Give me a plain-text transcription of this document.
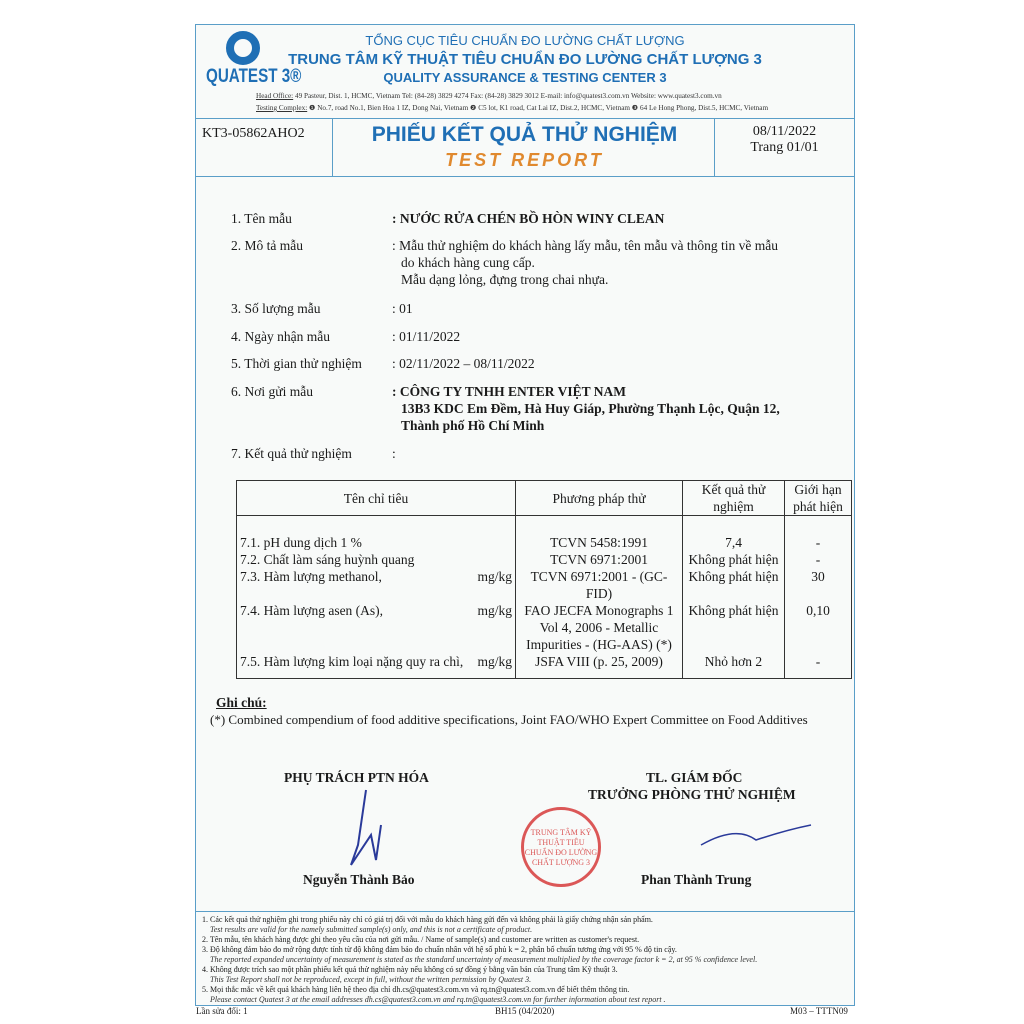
QUATEST 3®
TỔNG CỤC TIÊU CHUẨN ĐO LƯỜNG CHẤT LƯỢNG
TRUNG TÂM KỸ THUẬT TIÊU CHUẨN ĐO LƯỜNG CHẤT LƯỢNG 3
QUALITY ASSURANCE & TESTING CENTER 3
Head Office: 49 Pasteur, Dist. 1, HCMC, Vietnam Tel: (84-28) 3829 4274 Fax: (84-28) 3829 3012 E-mail: info@quatest3.com.vn Website: www.quatest3.com.vn
Testing Complex: ❶ No.7, road No.1, Bien Hoa 1 IZ, Dong Nai, Vietnam ❷ C5 lot, K1 road, Cat Lai IZ, Dist.2, HCMC, Vietnam ❸ 64 Le Hong Phong, Dist.5, HCMC, Vietnam
KT3-05862AHO2	PHIẾU KẾT QUẢ THỬ NGHIỆM
TEST REPORT
08/11/2022
Trang 01/01
1. Tên mẫu	: NƯỚC RỬA CHÉN BỒ HÒN WINY CLEAN
2. Mô tả mẫu	: Mẫu thử nghiệm do khách hàng lấy mẫu, tên mẫu và thông tin về mẫu
do khách hàng cung cấp.
Mẫu dạng lỏng, đựng trong chai nhựa.
3. Số lượng mẫu	: 01
4. Ngày nhận mẫu	: 01/11/2022
5. Thời gian thử nghiệm : 02/11/2022 – 08/11/2022
6. Nơi gửi mẫu	: CÔNG TY TNHH ENTER VIỆT NAM
13B3 KDC Em Đềm, Hà Huy Giáp, Phường Thạnh Lộc, Quận 12,
Thành phố Hồ Chí Minh
7. Kết quả thử nghiệm	:
Tên chỉ tiêu	Phương pháp thử	Kết quả thử nghiệm	Giới hạn phát hiện
7.1. pH dung dịch 1 %	TCVN 5458:1991	7,4	-
7.2. Chất làm sáng huỳnh quang	TCVN 6971:2001	Không phát hiện	-
7.3. Hàm lượng methanol, mg/kg	TCVN 6971:2001 - (GC-FID)	Không phát hiện	30
7.4. Hàm lượng asen (As), mg/kg	FAO JECFA Monographs 1 Vol 4, 2006 - Metallic Impurities - (HG-AAS) (*)	Không phát hiện	0,10
7.5. Hàm lượng kim loại nặng quy ra chì, mg/kg	JSFA VIII (p. 25, 2009)	Nhỏ hơn 2	-
Ghi chú:
(*) Combined compendium of food additive specifications, Joint FAO/WHO Expert Committee on Food Additives
PHỤ TRÁCH PTN HÓA
Nguyễn Thành Bảo
TRUNG TÂM KỸ THUẬT TIÊU CHUẨN ĐO LƯỜNG CHẤT LƯỢNG 3
TL. GIÁM ĐỐC
TRƯỞNG PHÒNG THỬ NGHIỆM
Phan Thành Trung
1. Các kết quả thử nghiệm ghi trong phiếu này chỉ có giá trị đối với mẫu do khách hàng gửi đến và không phải là giấy chứng nhận sản phẩm.
Test results are valid for the namely submitted sample(s) only, and this is not a certificate of product.
2. Tên mẫu, tên khách hàng được ghi theo yêu cầu của nơi gửi mẫu. / Name of sample(s) and customer are written as customer's request.
3. Độ không đảm bảo đo mở rộng được tính từ độ không đảm bảo đo chuẩn nhân với hệ số phủ k = 2, phân bố chuẩn tương ứng với 95 % độ tin cậy.
The reported expanded uncertainty of measurement is stated as the standard uncertainty of measurement multiplied by the coverage factor k = 2, at 95 % confidence level.
4. Không được trích sao một phần phiếu kết quả thử nghiệm này nếu không có sự đồng ý bằng văn bản của Trung tâm Kỹ thuật 3.
This Test Report shall not be reproduced, except in full, without the written permission by Quatest 3.
5. Mọi thắc mắc về kết quả khách hàng liên hệ theo địa chỉ dh.cs@quatest3.com.vn và rq.tn@quatest3.com.vn để biết thêm thông tin.
Please contact Quatest 3 at the email addresses dh.cs@quatest3.com.vn and rq.tn@quatest3.com.vn for further information about test report .
Lần sửa đổi: 1	BH15 (04/2020)	M03 – TTTN09
